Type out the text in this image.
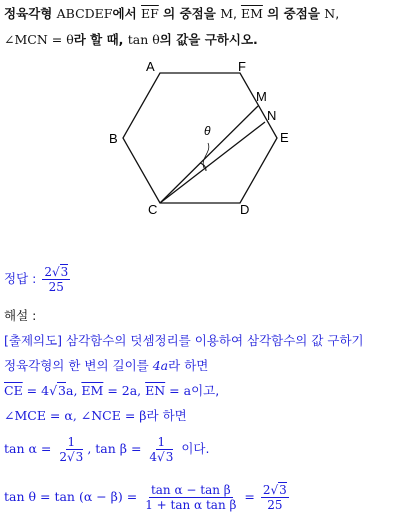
정육각형 ABCDEF에서 $\overline{EF}$ 의 중점을 M, $\overline{EM}$ 의 중점을 N,
∠MCN = θ라 할 때, tan θ의 값을 구하시오.
A	F
M
N
B	E
C	D
θ
정답 : $\frac{2√3}{25}$
해설 :
[출제의도] 삼각함수의 덧셈정리를 이용하여 삼각함수의 값 구하기
정육각형의 한 변의 길이를 4a라 하면
$\overline{CE} = 4√3a$, $\overline{EM} = 2a$, $\overline{EN} = a$이고,
∠MCE = α, ∠NCE = β라 하면
$\tan \alpha = \frac{1}{2√3}$ , $\tan \beta = \frac{1}{4√3}$ 이다.
$\tan \theta = \tan (\alpha - \beta) = \frac{\text{tan α − tan β}}{\text{1 + tan α tan β}} = \frac{2√3}{25}$
